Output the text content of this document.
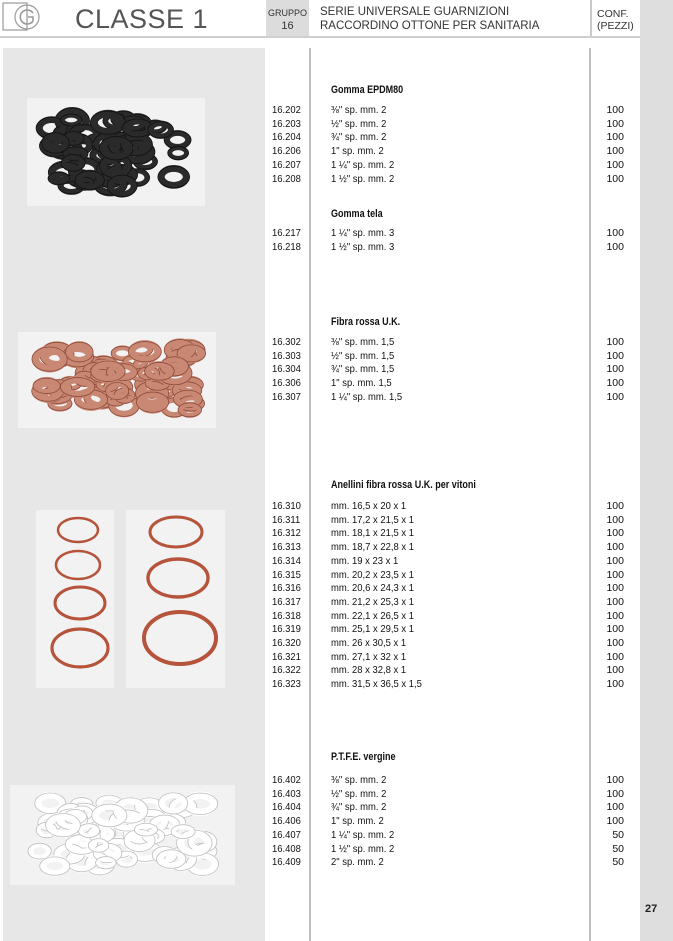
CLASSE 1	GRUPPO
16
SERIE UNIVERSALE GUARNIZIONI
RACCORDINO OTTONE PER SANITARIA
CONF.
(PEZZI)
Gomma EPDM80
16.202	⅜" sp. mm. 2	100
16.203	½" sp. mm. 2	100
16.204	¾" sp. mm. 2	100
16.206	1" sp. mm. 2	100
16.207	1 ¼" sp. mm. 2	100
16.208	1 ½" sp. mm. 2	100
Gomma tela
16.217	1 ¼" sp. mm. 3	100
16.218	1 ½" sp. mm. 3	100
Fibra rossa U.K.
16.302	⅜" sp. mm. 1,5	100
16.303	½" sp. mm. 1,5	100
16.304	¾" sp. mm. 1,5	100
16.306	1" sp. mm. 1,5	100
16.307	1 ¼" sp. mm. 1,5	100
Anellini fibra rossa U.K. per vitoni
16.310	mm. 16,5 x 20 x 1	100
16.311	mm. 17,2 x 21,5 x 1	100
16.312	mm. 18,1 x 21,5 x 1	100
16.313	mm. 18,7 x 22,8 x 1	100
16.314	mm. 19 x 23 x 1	100
16.315	mm. 20,2 x 23,5 x 1	100
16.316	mm. 20,6 x 24,3 x 1	100
16.317	mm. 21,2 x 25,3 x 1	100
16.318	mm. 22,1 x 26,5 x 1	100
16.319	mm. 25,1 x 29,5 x 1	100
16.320	mm. 26 x 30,5 x 1	100
16.321	mm. 27,1 x 32 x 1	100
16.322	mm. 28 x 32,8 x 1	100
16.323	mm. 31,5 x 36,5 x 1,5	100
P.T.F.E. vergine
16.402	⅜" sp. mm. 2	100
16.403	½" sp. mm. 2	100
16.404	¾" sp. mm. 2	100
16.406	1" sp. mm. 2	100
16.407	1 ¼" sp. mm. 2	50
16.408	1 ½" sp. mm. 2	50
16.409	2" sp. mm. 2	50
27
